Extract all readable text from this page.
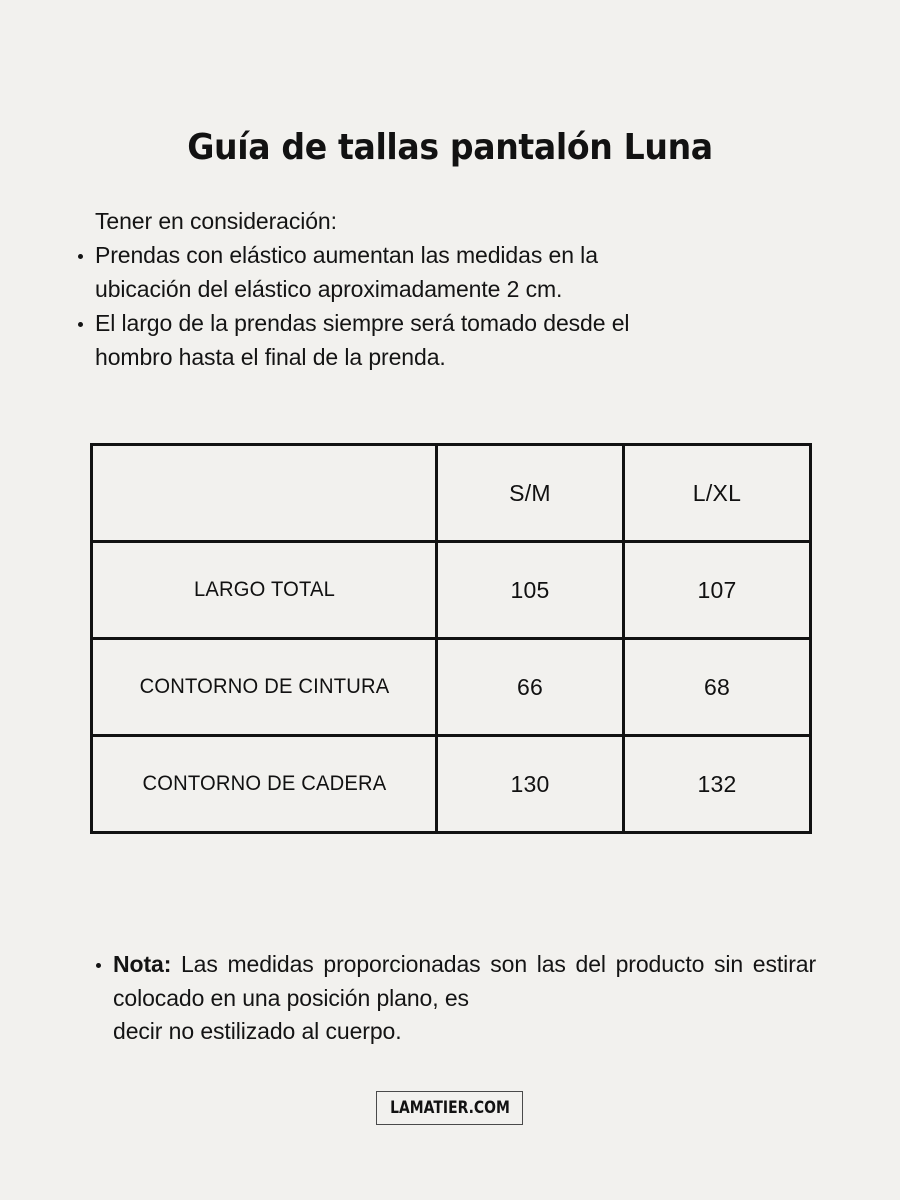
Guía de tallas pantalón Luna
Tener en consideración:
Prendas con elástico aumentan las medidas en la
ubicación del elástico aproximadamente 2 cm.
El largo de la prendas siempre será tomado desde el
hombro hasta el final de la prenda.
	S/M	L/XL
LARGO TOTAL	105	107
CONTORNO DE CINTURA	66	68
CONTORNO DE CADERA	130	132
Nota: Las medidas proporcionadas son las del producto sin estirar colocado en una posición plano, es
decir no estilizado al cuerpo.
LAMATIER.COM
